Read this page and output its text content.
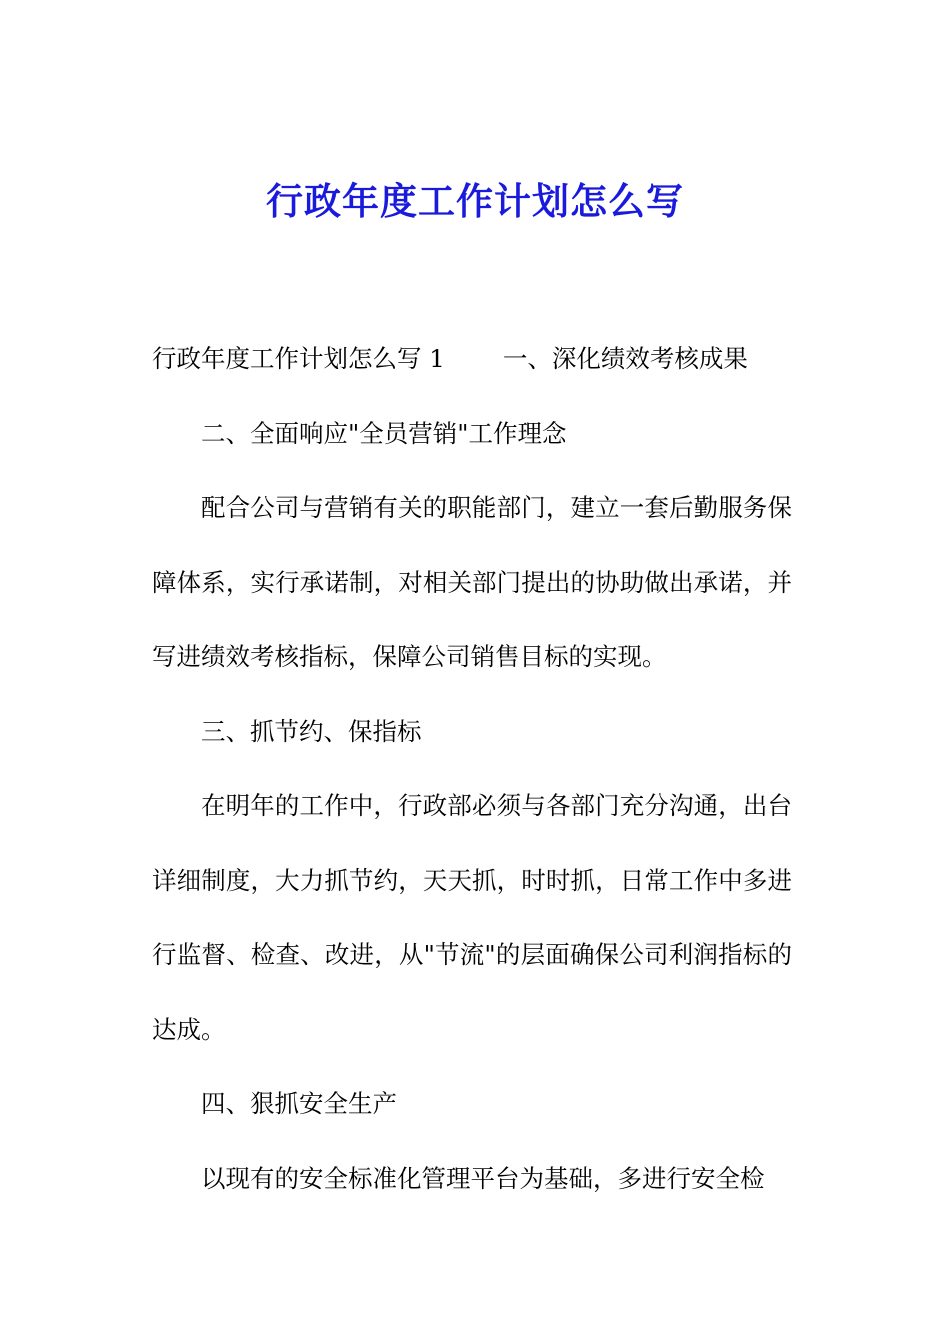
行政年度工作计划怎么写

行政年度工作计划怎么写 1 一、深化绩效考核成果

二、全面响应"全员营销"工作理念

配合公司与营销有关的职能部门，建立一套后勤服务保障体系，实行承诺制，对相关部门提出的协助做出承诺，并写进绩效考核指标，保障公司销售目标的实现。

三、抓节约、保指标

在明年的工作中，行政部必须与各部门充分沟通，出台详细制度，大力抓节约，天天抓，时时抓，日常工作中多进行监督、检查、改进，从"节流"的层面确保公司利润指标的达成。

四、狠抓安全生产

以现有的安全标准化管理平台为基础，多进行安全检
